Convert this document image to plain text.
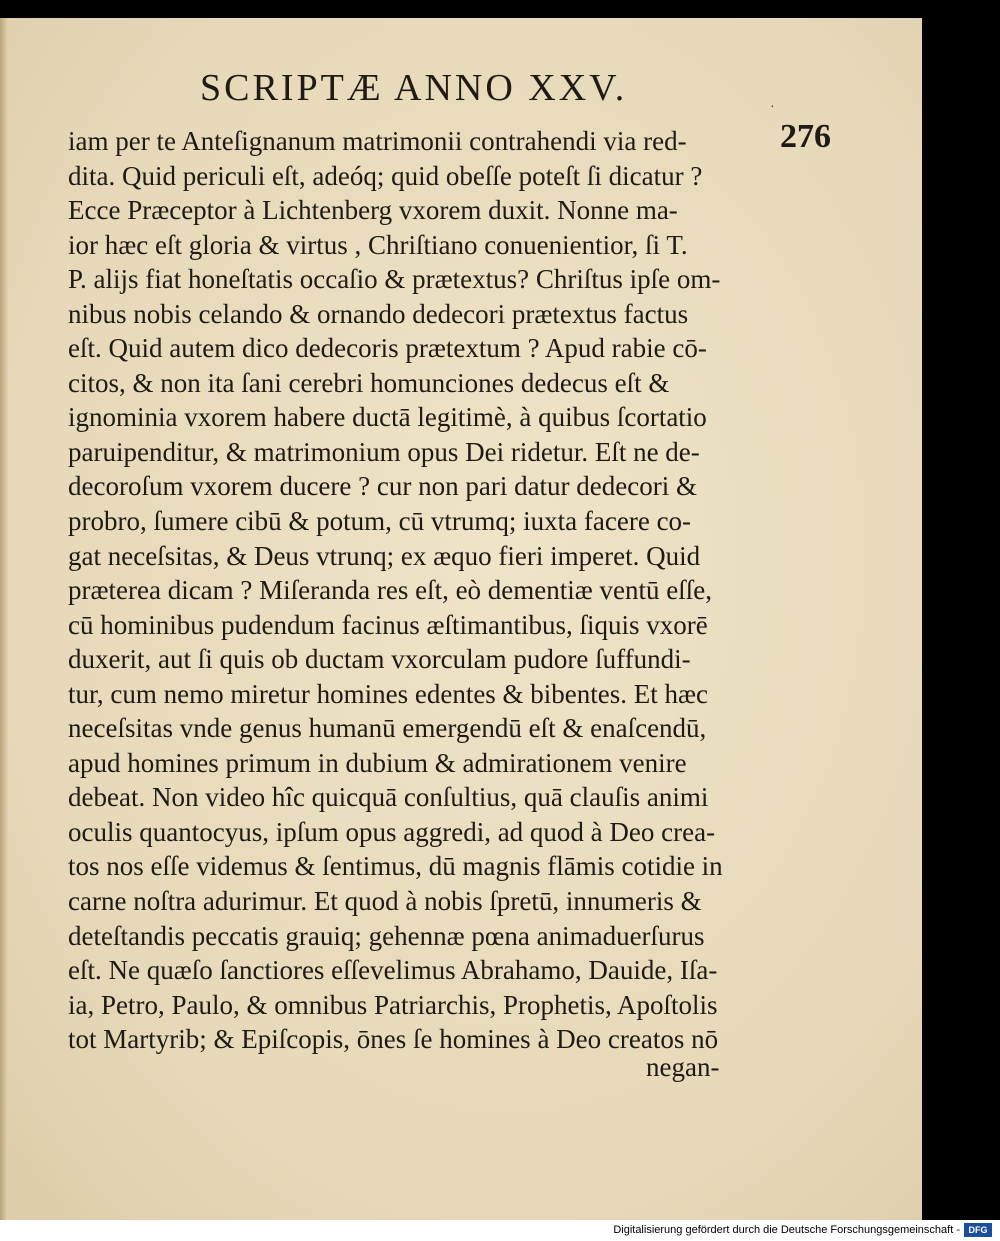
SCRIPTÆ ANNO XXV.	·
276
iam per te Anteſignanum matrimonii contrahendi via red-
dita. Quid periculi eſt, adeóq; quid obeſſe poteſt ſi dicatur ?
Ecce Præceptor à Lichtenberg vxorem duxit. Nonne ma-
ior hæc eſt gloria & virtus , Chriſtiano conuenientior, ſi T.
P. alijs fiat honeſtatis occaſio & prætextus? Chriſtus ipſe om-
nibus nobis celando & ornando dedecori prætextus factus
eſt. Quid autem dico dedecoris prætextum ? Apud rabie cō-
citos, & non ita ſani cerebri homunciones dedecus eſt &
ignominia vxorem habere ductā legitimè, à quibus ſcortatio
paruipenditur, & matrimonium opus Dei ridetur. Eſt ne de-
decoroſum vxorem ducere ? cur non pari datur dedecori &
probro, ſumere cibū & potum, cū vtrumq; iuxta facere co-
gat neceſsitas, & Deus vtrunq; ex æquo fieri imperet. Quid
præterea dicam ? Miſeranda res eſt, eò dementiæ ventū eſſe,
cū hominibus pudendum facinus æſtimantibus, ſiquis vxorē
duxerit, aut ſi quis ob ductam vxorculam pudore ſuffundi-
tur, cum nemo miretur homines edentes & bibentes. Et hæc
neceſsitas vnde genus humanū emergendū eſt & enaſcendū,
apud homines primum in dubium & admirationem venire
debeat. Non video hîc quicquā conſultius, quā clauſis animi
oculis quantocyus, ipſum opus aggredi, ad quod à Deo crea-
tos nos eſſe videmus & ſentimus, dū magnis flāmis cotidie in
carne noſtra adurimur. Et quod à nobis ſpretū, innumeris &
deteſtandis peccatis grauiq; gehennæ pœna animaduerſurus
eſt. Ne quæſo ſanctiores eſſevelimus Abrahamo, Dauide, Iſa-
ia, Petro, Paulo, & omnibus Patriarchis, Prophetis, Apoſtolis
tot Martyrib; & Epiſcopis, ōnes ſe homines à Deo creatos nō
negan-
Digitalisierung gefördert durch die Deutsche Forschungsgemeinschaft - DFG
